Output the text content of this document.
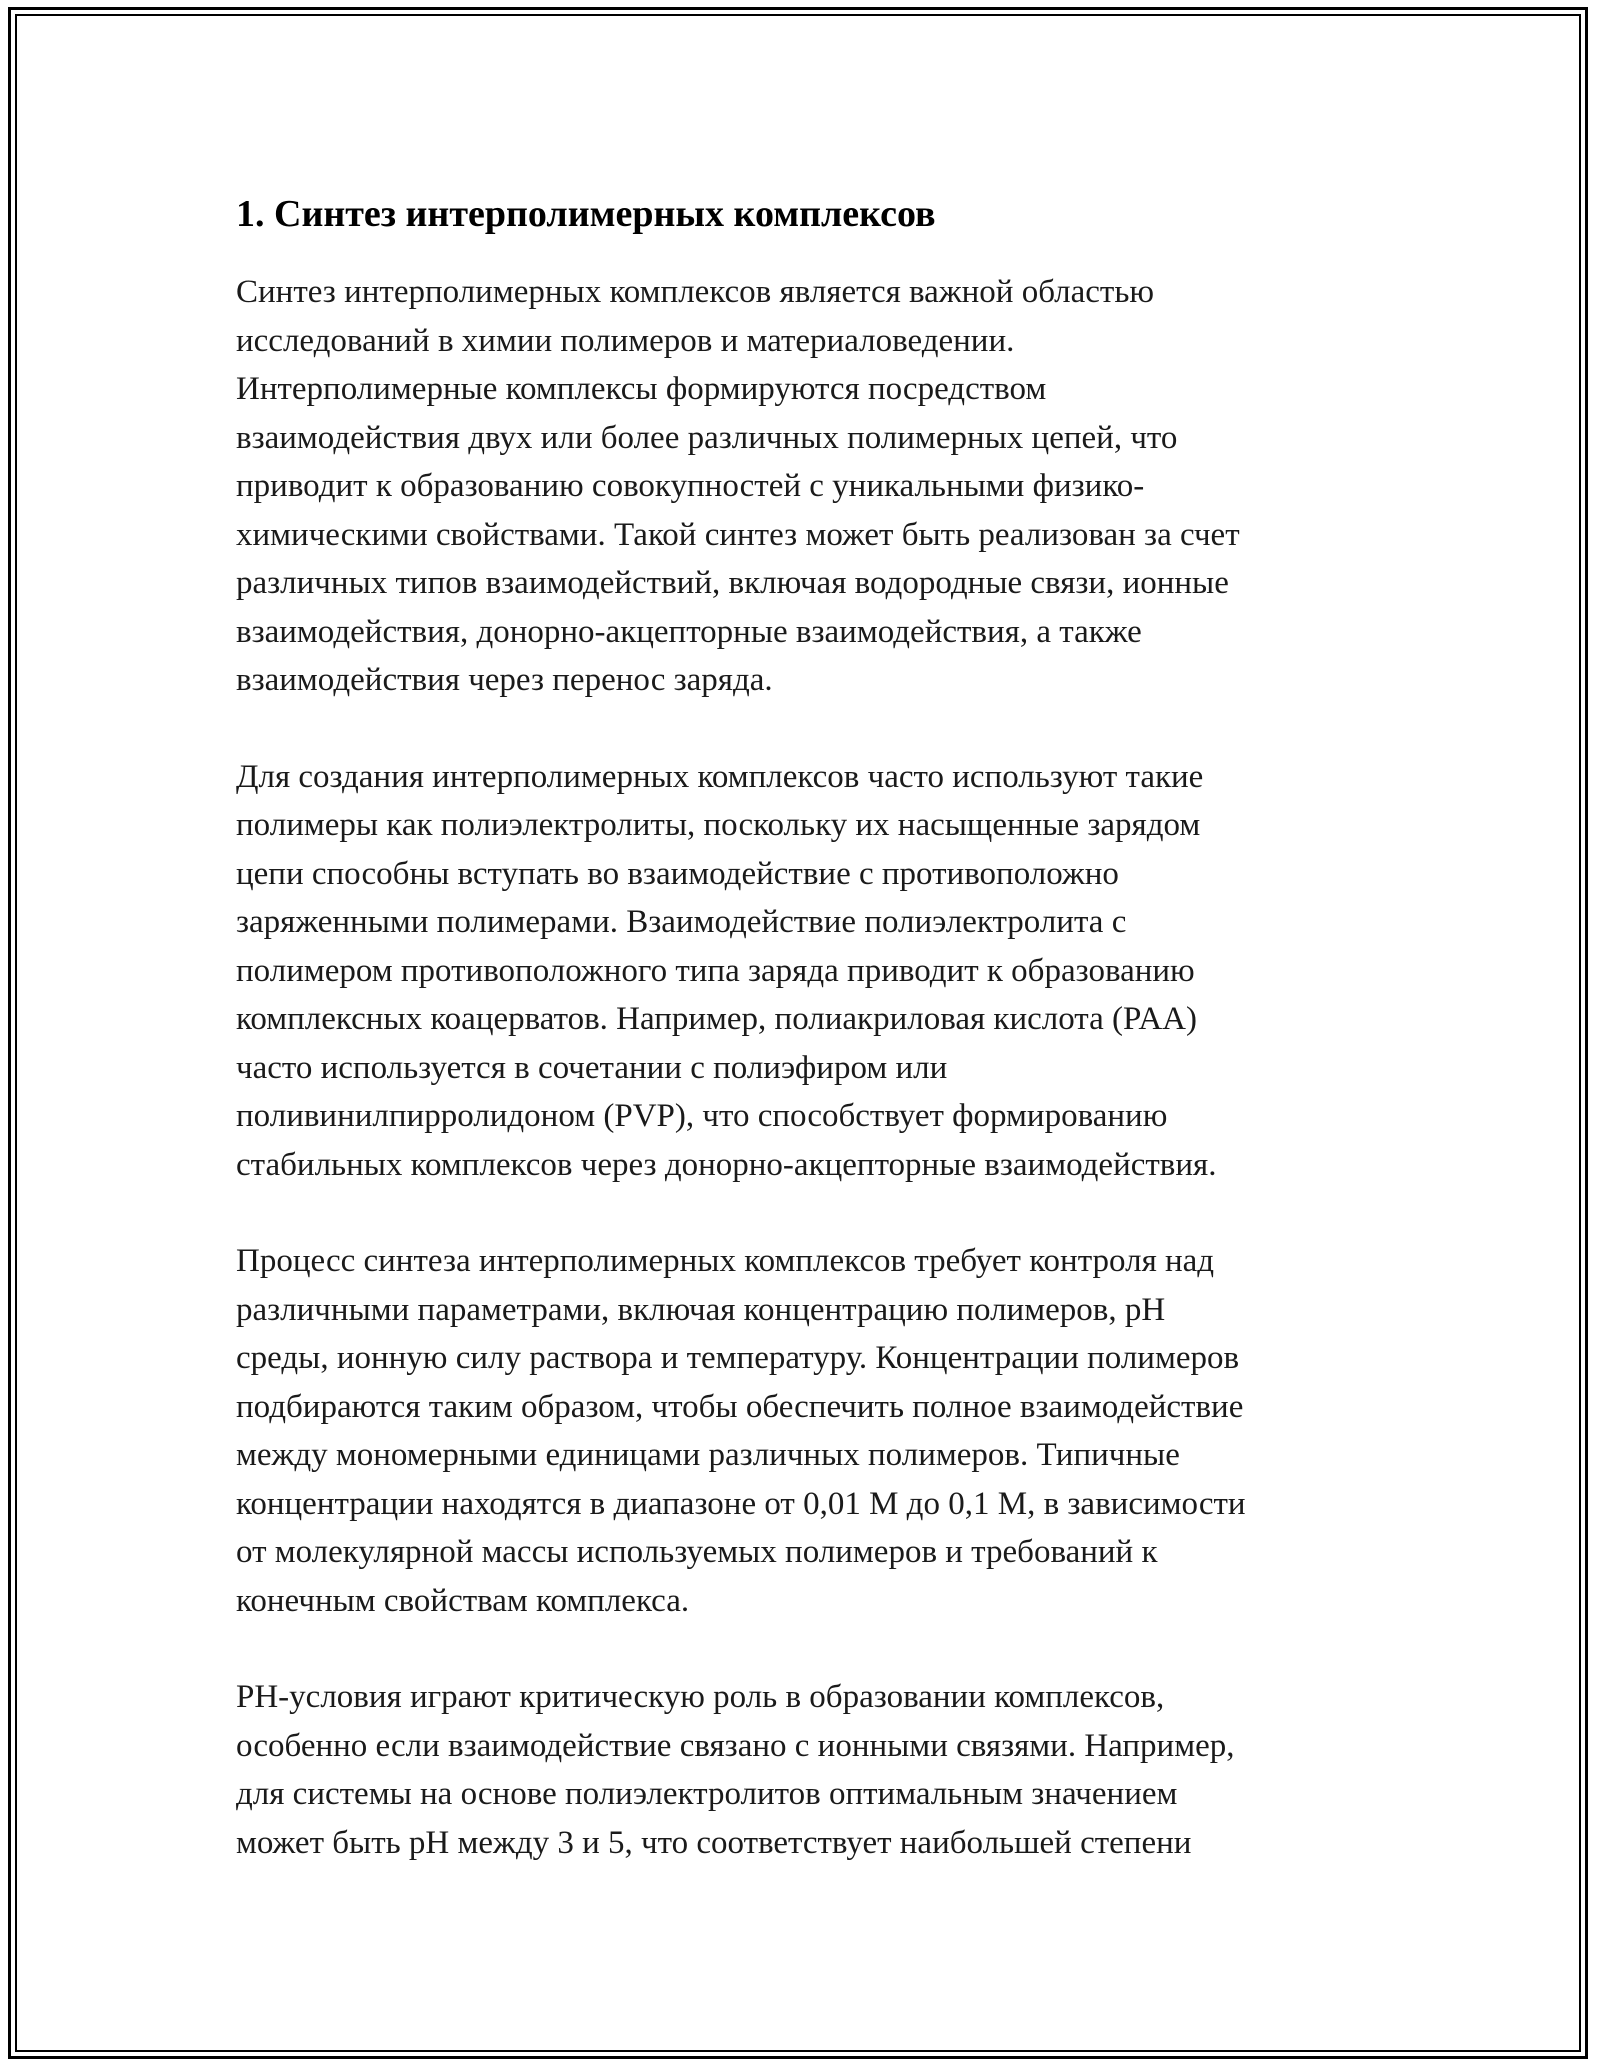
1. Синтез интерполимерных комплексов

Синтез интерполимерных комплексов является важной областью
исследований в химии полимеров и материаловедении.
Интерполимерные комплексы формируются посредством
взаимодействия двух или более различных полимерных цепей, что
приводит к образованию совокупностей с уникальными физико-
химическими свойствами. Такой синтез может быть реализован за счет
различных типов взаимодействий, включая водородные связи, ионные
взаимодействия, донорно-акцепторные взаимодействия, а также
взаимодействия через перенос заряда.

Для создания интерполимерных комплексов часто используют такие
полимеры как полиэлектролиты, поскольку их насыщенные зарядом
цепи способны вступать во взаимодействие с противоположно
заряженными полимерами. Взаимодействие полиэлектролита с
полимером противоположного типа заряда приводит к образованию
комплексных коацерватов. Например, полиакриловая кислота (PAA)
часто используется в сочетании с полиэфиром или
поливинилпирролидоном (PVP), что способствует формированию
стабильных комплексов через донорно-акцепторные взаимодействия.

Процесс синтеза интерполимерных комплексов требует контроля над
различными параметрами, включая концентрацию полимеров, pH
среды, ионную силу раствора и температуру. Концентрации полимеров
подбираются таким образом, чтобы обеспечить полное взаимодействие
между мономерными единицами различных полимеров. Типичные
концентрации находятся в диапазоне от 0,01 М до 0,1 М, в зависимости
от молекулярной массы используемых полимеров и требований к
конечным свойствам комплекса.

PH-условия играют критическую роль в образовании комплексов,
особенно если взаимодействие связано с ионными связями. Например,
для системы на основе полиэлектролитов оптимальным значением
может быть pH между 3 и 5, что соответствует наибольшей степени
